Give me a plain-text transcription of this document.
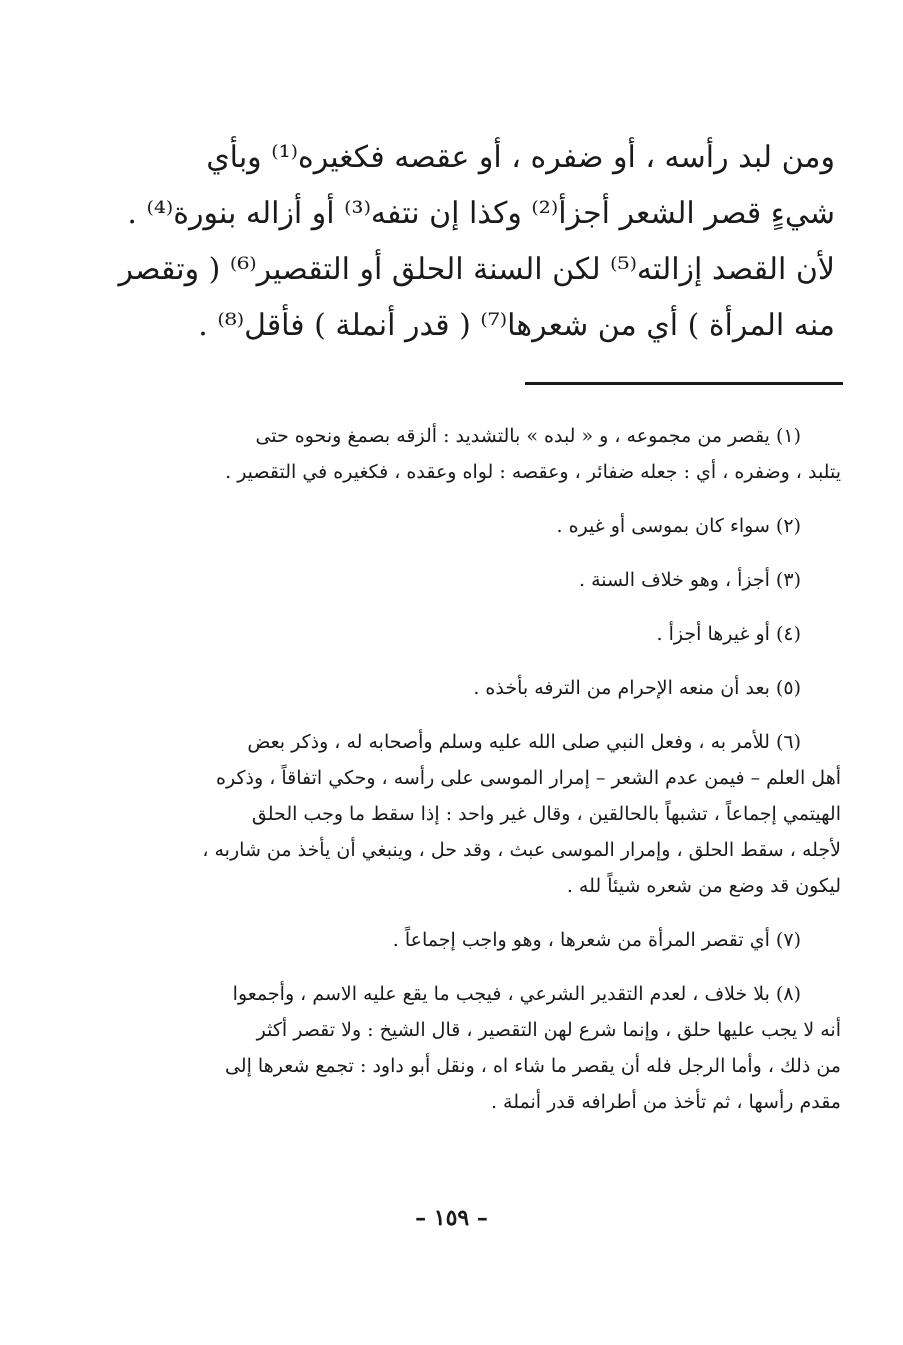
ومن لبد رأسه ، أو ضفره ، أو عقصه فكغيره⁽¹⁾ وبأي
شيءٍ قصر الشعر أجزأ⁽²⁾ وكذا إن نتفه⁽³⁾ أو أزاله بنورة⁽⁴⁾ .
لأن القصد إزالته⁽⁵⁾ لكن السنة الحلق أو التقصير⁽⁶⁾ ( وتقصر
منه المرأة ) أي من شعرها⁽⁷⁾ ( قدر أنملة ) فأقل⁽⁸⁾ .
(١) يقصر من مجموعه ، و « لبده » بالتشديد : ألزقه بصمغ ونحوه حتى
يتلبد ، وضفره ، أي : جعله ضفائر ، وعقصه : لواه وعقده ، فكغيره في التقصير .
(٢) سواء كان بموسى أو غيره .
(٣) أجزأ ، وهو خلاف السنة .
(٤) أو غيرها أجزأ .
(٥) بعد أن منعه الإحرام من الترفه بأخذه .
(٦) للأمر به ، وفعل النبي صلى الله عليه وسلم وأصحابه له ، وذكر بعض
أهل العلم – فيمن عدم الشعر – إمرار الموسى على رأسه ، وحكي اتفاقاً ، وذكره
الهيتمي إجماعاً ، تشبهاً بالحالقين ، وقال غير واحد : إذا سقط ما وجب الحلق
لأجله ، سقط الحلق ، وإمرار الموسى عبث ، وقد حل ، وينبغي أن يأخذ من شاربه ،
ليكون قد وضع من شعره شيئاً لله .
(٧) أي تقصر المرأة من شعرها ، وهو واجب إجماعاً .
(٨) بلا خلاف ، لعدم التقدير الشرعي ، فيجب ما يقع عليه الاسم ، وأجمعوا
أنه لا يجب عليها حلق ، وإنما شرع لهن التقصير ، قال الشيخ : ولا تقصر أكثر
من ذلك ، وأما الرجل فله أن يقصر ما شاء اه ، ونقل أبو داود : تجمع شعرها إلى
مقدم رأسها ، ثم تأخذ من أطرافه قدر أنملة .
– ١٥٩ –
